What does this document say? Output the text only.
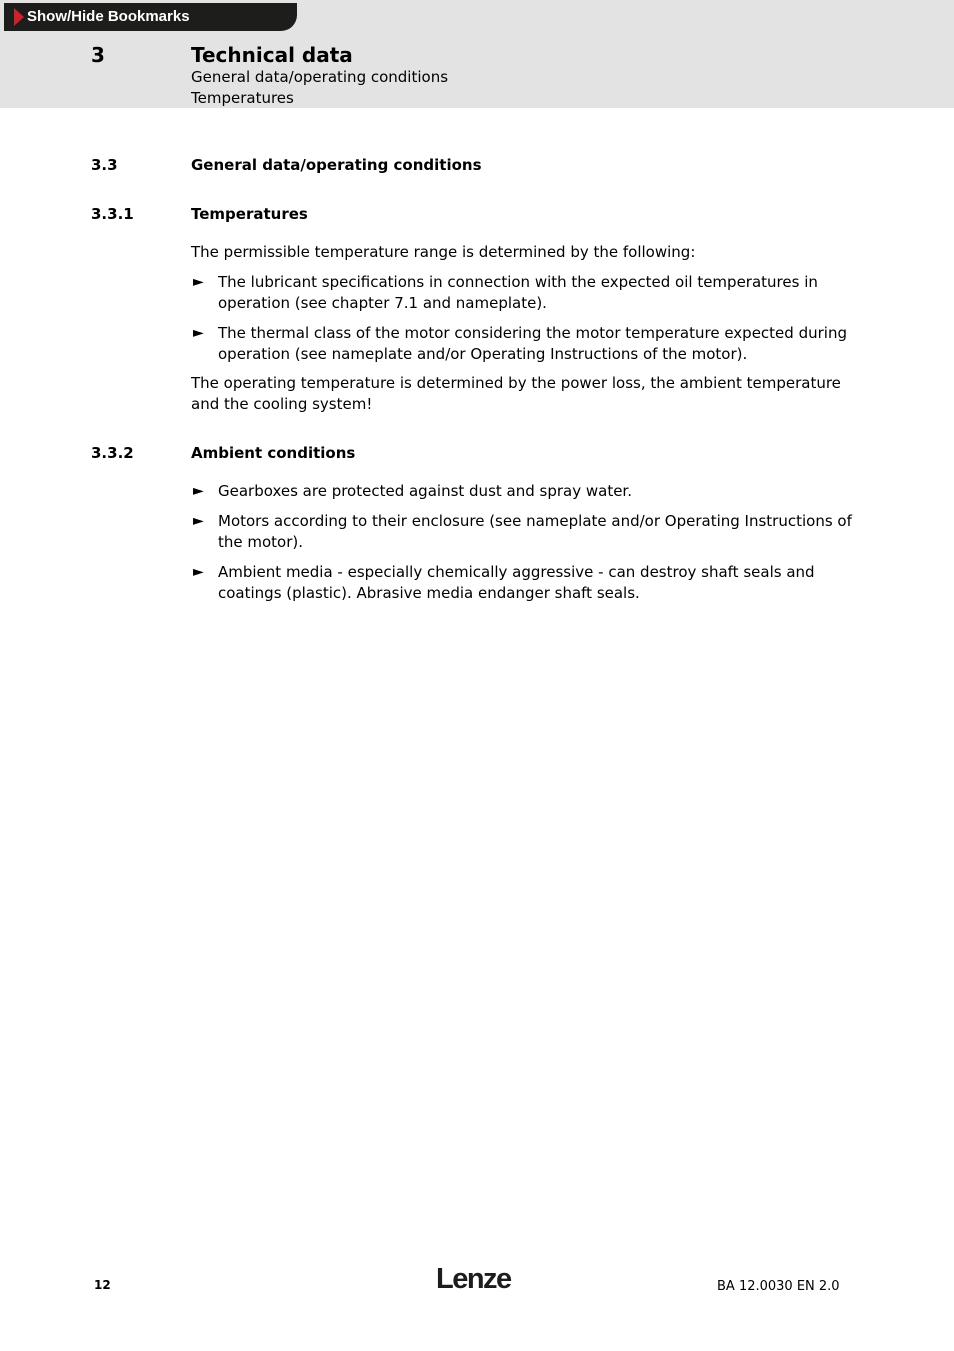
Show/Hide Bookmarks
3	Technical data
General data/operating conditions
Temperatures
3.3	General data/operating conditions
3.3.1	Temperatures

The permissible temperature range is determined by the following:

► The lubricant specifications in connection with the expected oil temperatures in operation (see chapter 7.1 and nameplate).
► The thermal class of the motor considering the motor temperature expected during operation (see nameplate and/or Operating Instructions of the motor).

The operating temperature is determined by the power loss, the ambient temperature and the cooling system!

3.3.2	Ambient conditions
► Gearboxes are protected against dust and spray water.
► Motors according to their enclosure (see nameplate and/or Operating Instructions of the motor).
► Ambient media - especially chemically aggressive - can destroy shaft seals and coatings (plastic). Abrasive media endanger shaft seals.
12	Lenze	BA 12.0030 EN 2.0
